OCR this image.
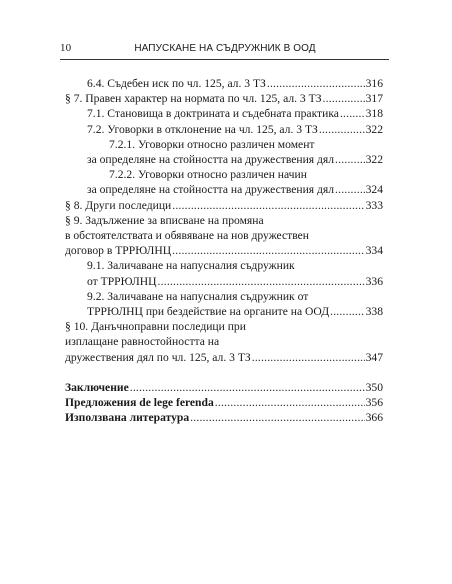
10	НАПУСКАНЕ НА СЪДРУЖНИК В ООД
6.4. Съдебен иск по чл. 125, ал. 3 ТЗ .....	316
§ 7. Правен характер на нормата по чл. 125, ал. 3 ТЗ .....	317
7.1. Становища в доктрината и съдебната практика ..... 318
7.2. Уговорки в отклонение на чл. 125, ал. 3 ТЗ .....	322
7.2.1. Уговорки относно различен момент
за определяне на стойността на дружествения дял .....	322
7.2.2. Уговорки относно различен начин
за определяне на стойността на дружествения дял .....	324
§ 8. Други последици .....	333
§ 9. Задължение за вписване на промяна
в обстоятелствата и обявяване на нов дружествен
договор в ТРРЮЛНЦ .....	334
9.1. Заличаване на напусналия съдружник
от ТРРЮЛНЦ .....	336
9.2. Заличаване на напусналия съдружник от
ТРРЮЛНЦ при бездействие на органите на ООД .....	338
§ 10. Данъчноправни последици при
изплащане равностойността на
дружествения дял по чл. 125, ал. 3 ТЗ .....	347
Заключение .....	350
Предложения de lege ferenda .....	356
Използвана литература .....	366
